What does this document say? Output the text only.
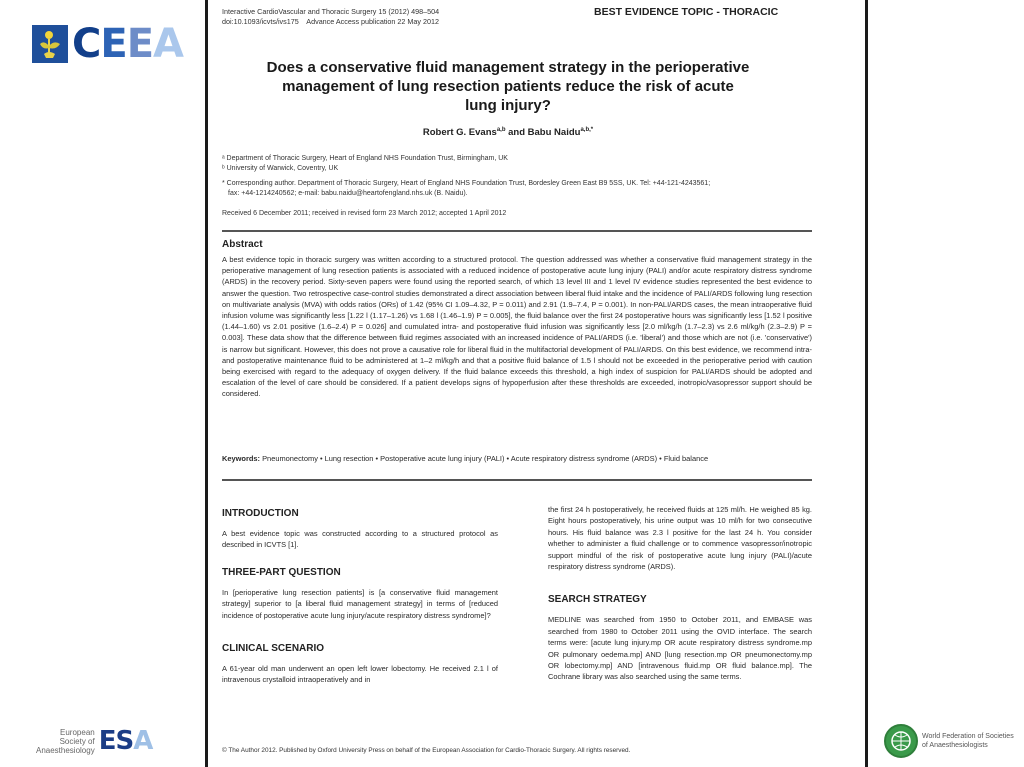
CEEA
European
Society of
Anaesthesiology ESA	World Federation of Societies
of Anaesthesiologists
Interactive CardioVascular and Thoracic Surgery 15 (2012) 498–504
doi:10.1093/icvts/ivs175    Advance Access publication 22 May 2012
BEST EVIDENCE TOPIC - THORACIC
Does a conservative fluid management strategy in the perioperative
management of lung resection patients reduce the risk of acute
lung injury?
Robert G. Evans$^{a,b}$ and Babu Naidu$^{a,b,*}$

ᵃ Department of Thoracic Surgery, Heart of England NHS Foundation Trust, Birmingham, UK

ᵇ University of Warwick, Coventry, UK

* Corresponding author. Department of Thoracic Surgery, Heart of England NHS Foundation Trust, Bordesley Green East B9 5SS, UK. Tel: +44-121-4243561;

fax: +44-1214240562; e-mail: babu.naidu@heartofengland.nhs.uk (B. Naidu).

Received 6 December 2011; received in revised form 23 March 2012; accepted 1 April 2012
Abstract
A best evidence topic in thoracic surgery was written according to a structured protocol. The question addressed was whether a conservative fluid management strategy in the perioperative management of lung resection patients is associated with a reduced incidence of postoperative acute lung injury (PALI) and/or acute respiratory distress syndrome (ARDS) in the recovery period. Sixty-seven papers were found using the reported search, of which 13 level III and 1 level IV evidence studies represented the best evidence to answer the question. Two retrospective case-control studies demonstrated a direct association between liberal fluid intake and the incidence of PALI/ARDS following lung resection on multivariate analysis (MVA) with odds ratios (ORs) of 1.42 (95% CI 1.09–4.32, P = 0.011) and 2.91 (1.9–7.4, P = 0.001). In non-PALI/ARDS cases, the mean intraoperative fluid infusion volume was significantly less [1.22 l (1.17–1.26) vs 1.68 l (1.46–1.9) P = 0.005], the fluid balance over the first 24 postoperative hours was significantly less [1.52 l positive (1.44–1.60) vs 2.01 positive (1.6–2.4) P = 0.026] and cumulated intra- and postoperative fluid infusion was significantly less [2.0 ml/kg/h (1.7–2.3) vs 2.6 ml/kg/h (2.3–2.9) P = 0.003]. These data show that the difference between fluid regimes associated with an increased incidence of PALI/ARDS (i.e. 'liberal') and those which are not (i.e. 'conservative') is narrow but significant. However, this does not prove a causative role for liberal fluid in the multifactorial development of PALI/ARDS. On this best evidence, we recommend intra- and postoperative maintenance fluid to be administered at 1–2 ml/kg/h and that a positive fluid balance of 1.5 l should not be exceeded in the perioperative period with caution being exercised with regard to the adequacy of oxygen delivery. If the fluid balance exceeds this threshold, a high index of suspicion for PALI/ARDS should be adopted and escalation of the level of care should be considered. If a patient develops signs of hypoperfusion after these thresholds are exceeded, inotropic/vasopressor support should be considered.
Keywords: Pneumonectomy • Lung resection • Postoperative acute lung injury (PALI) • Acute respiratory distress syndrome (ARDS) • Fluid balance
INTRODUCTION

A best evidence topic was constructed according to a structured protocol as described in ICVTS [1].

THREE-PART QUESTION

In [perioperative lung resection patients] is [a conservative fluid management strategy] superior to [a liberal fluid management strategy] in terms of [reduced incidence of postoperative acute lung injury/acute respiratory distress syndrome]?

CLINICAL SCENARIO

A 61-year old man underwent an open left lower lobectomy. He received 2.1 l of intravenous crystalloid intraoperatively and in

the first 24 h postoperatively, he received fluids at 125 ml/h. He weighed 85 kg. Eight hours postoperatively, his urine output was 10 ml/h for two consecutive hours. His fluid balance was 2.3 l positive for the last 24 h. You consider whether to administer a fluid challenge or to commence vasopressor/inotropic support mindful of the risk of postoperative acute lung injury (PALI)/acute respiratory distress syndrome (ARDS).

SEARCH STRATEGY

MEDLINE was searched from 1950 to October 2011, and EMBASE was searched from 1980 to October 2011 using the OVID interface. The search terms were: [acute lung injury.mp OR acute respiratory distress syndrome.mp OR pulmonary oedema.mp] AND [lung resection.mp OR pneumonectomy.mp OR lobectomy.mp] AND [intravenous fluid.mp OR fluid balance.mp]. The Cochrane library was also searched using the same terms.

© The Author 2012. Published by Oxford University Press on behalf of the European Association for Cardio-Thoracic Surgery. All rights reserved.
